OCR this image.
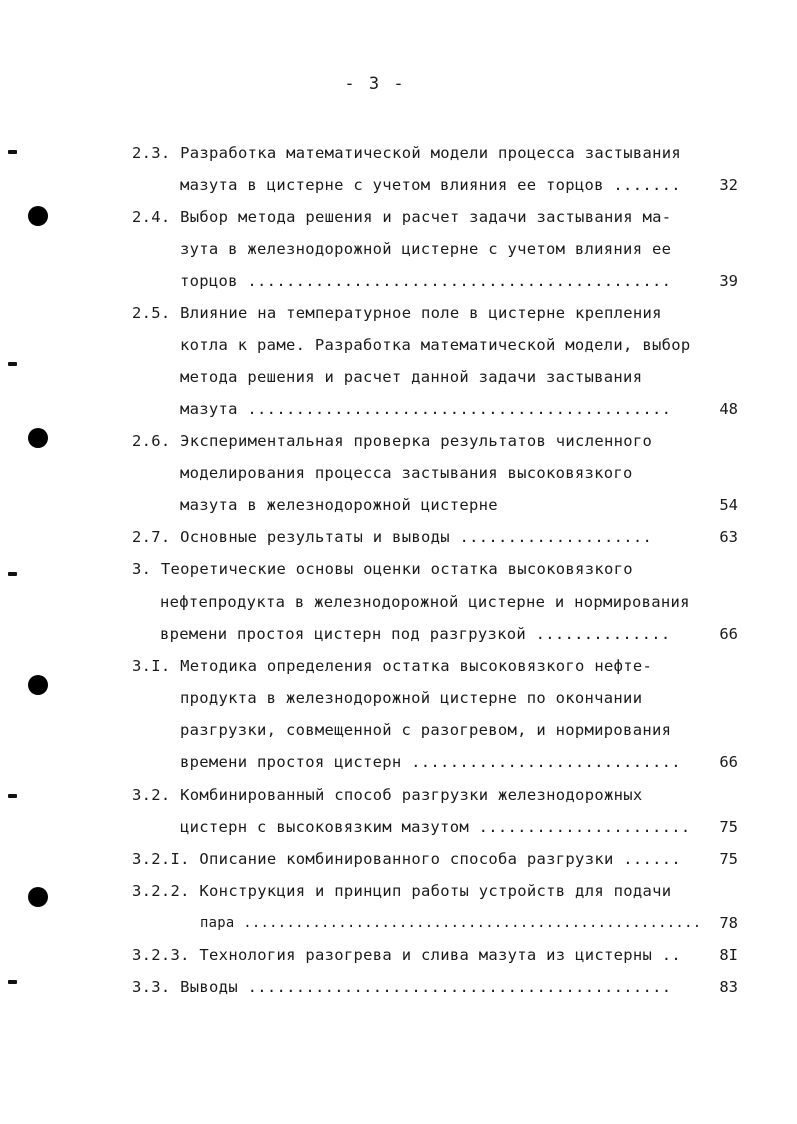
- 3 -
2.3. Разработка математической модели процесса застывания
мазута в цистерне с учетом влияния ее торцов .......	32
2.4. Выбор метода решения и расчет задачи застывания ма-
зута в железнодорожной цистерне с учетом влияния ее
торцов ............................................	39
2.5. Влияние на температурное поле в цистерне крепления
котла к раме. Разработка математической модели, выбор
метода решения и расчет данной задачи застывания
мазута ............................................	48
2.6. Экспериментальная проверка результатов численного
моделирования процесса застывания высоковязкого
мазута в железнодорожной цистерне	54
2.7. Основные результаты и выводы ....................	63
3. Теоретические основы оценки остатка высоковязкого
нефтепродукта в железнодорожной цистерне и нормирования
времени простоя цистерн под разгрузкой ..............	66
3.I. Методика определения остатка высоковязкого нефте-
продукта в железнодорожной цистерне по окончании
разгрузки, совмещенной с разогревом, и нормирования
времени простоя цистерн ............................	66
3.2. Комбинированный способ разгрузки железнодорожных
цистерн с высоковязким мазутом ......................	75
3.2.I. Описание комбинированного способа разгрузки ......	75
3.2.2. Конструкция и принцип работы устройств для подачи
пара .....................................................	78
3.2.3. Технология разогрева и слива мазута из цистерны ..	8I
3.3. Выводы ............................................	83
